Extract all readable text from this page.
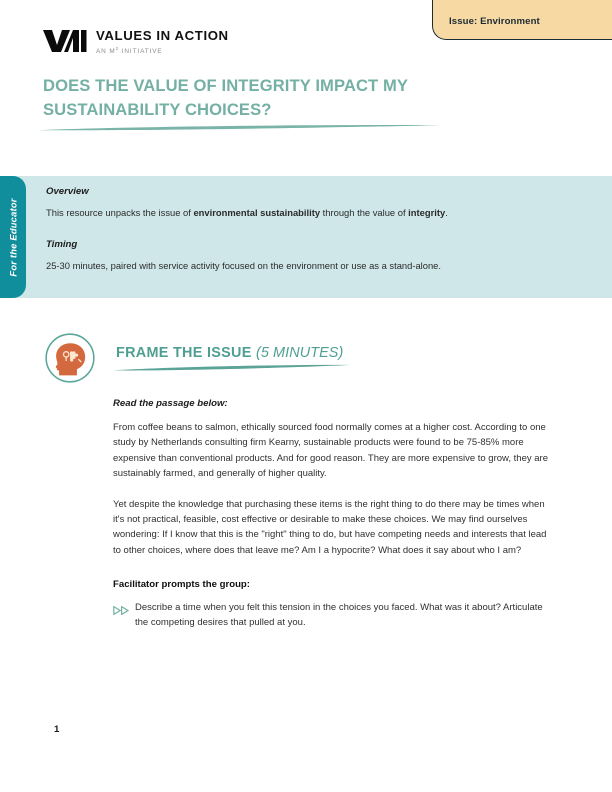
Issue: Environment
VALUES IN ACTION
AN $M^2$ INITIATIVE
DOES THE VALUE OF INTEGRITY IMPACT MY SUSTAINABILITY CHOICES?
For the Educator

Overview

This resource unpacks the issue of environmental sustainability through the value of integrity.

Timing

25-30 minutes, paired with service activity focused on the environment or use as a stand-alone.

FRAME THE ISSUE (5 MINUTES)

Read the passage below:

From coffee beans to salmon, ethically sourced food normally comes at a higher cost. According to one study by Netherlands consulting firm Kearny, sustainable products were found to be 75-85% more expensive than conventional products. And for good reason. They are more expensive to grow, they are sustainably farmed, and generally of higher quality.

Yet despite the knowledge that purchasing these items is the right thing to do there may be times when it's not practical, feasible, cost effective or desirable to make these choices. We may find ourselves wondering: If I know that this is the "right" thing to do, but have competing needs and interests that lead to other choices, where does that leave me? Am I a hypocrite? What does it say about who I am?

Facilitator prompts the group:

Describe a time when you felt this tension in the choices you faced. What was it about? Articulate the competing desires that pulled at you.
1
